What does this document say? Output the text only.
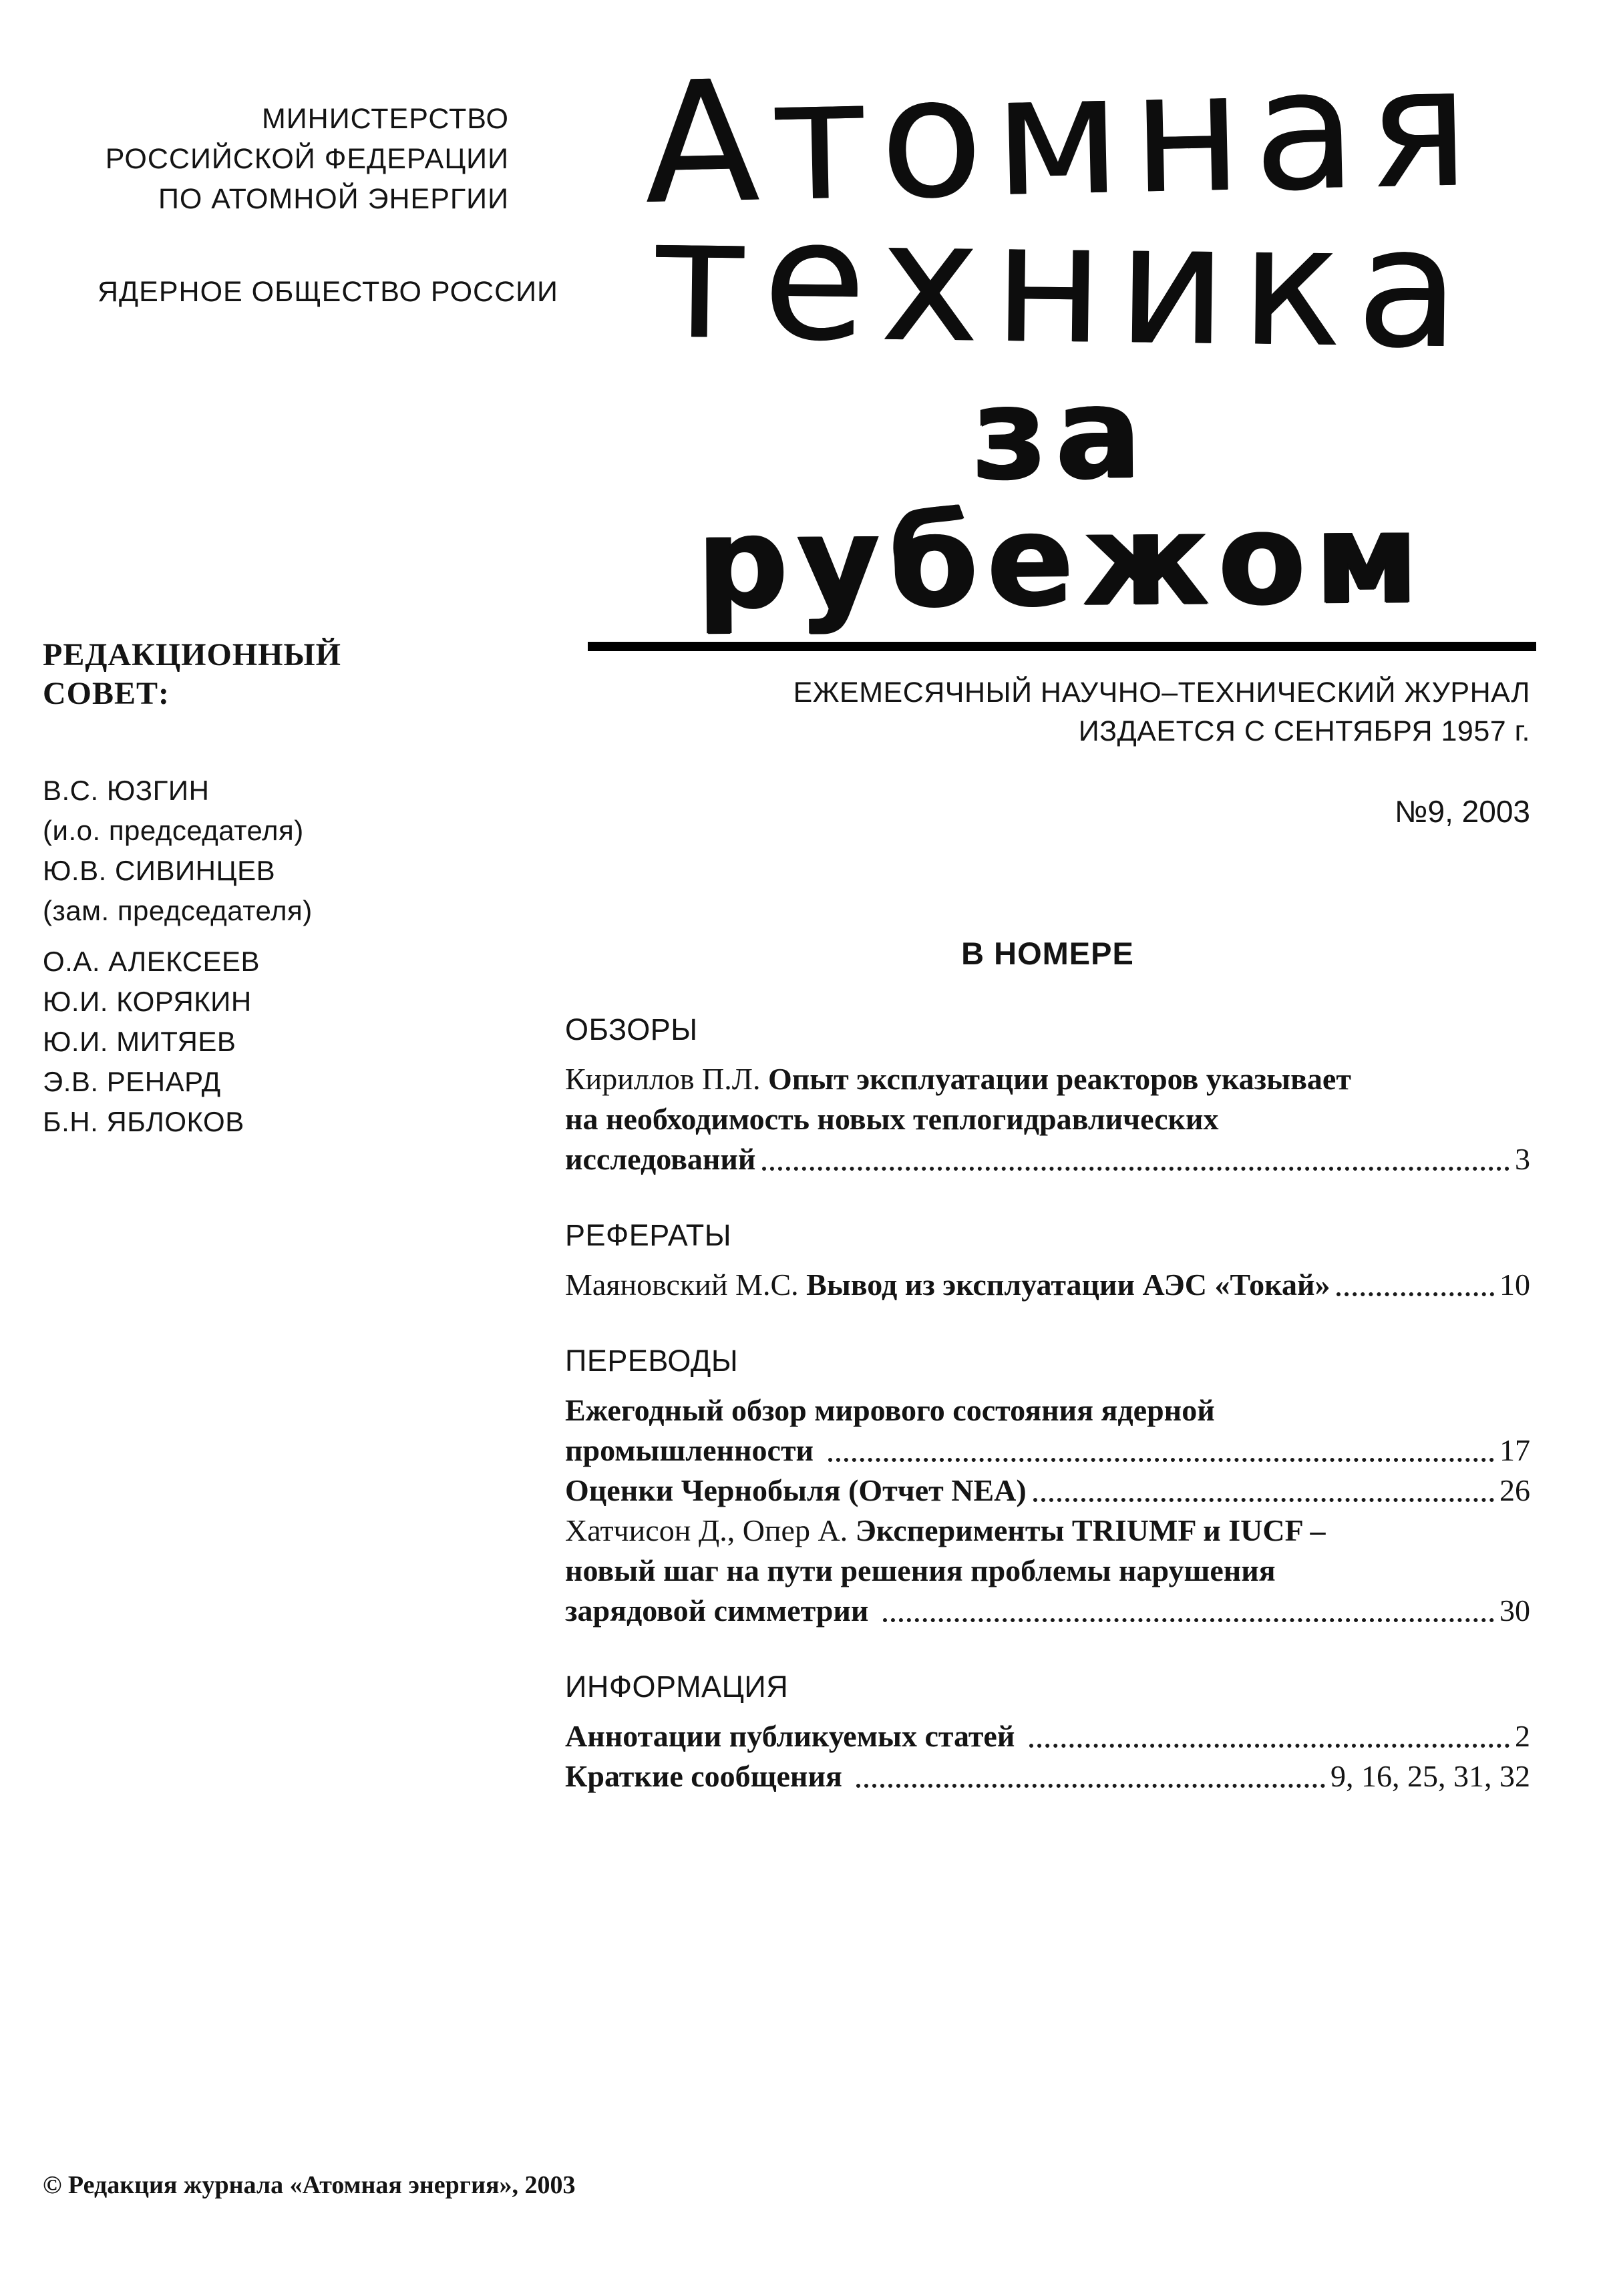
МИНИСТЕРСТВО
РОССИЙСКОЙ ФЕДЕРАЦИИ
ПО АТОМНОЙ ЭНЕРГИИ
ЯДЕРНОЕ ОБЩЕСТВО РОССИИ
Атомная
техника
за рубежом
РЕДАКЦИОННЫЙ
СОВЕТ:
В.С. ЮЗГИН
(и.о. председателя)
Ю.В. СИВИНЦЕВ
(зам. председателя)
О.А. АЛЕКСЕЕВ
Ю.И. КОРЯКИН
Ю.И. МИТЯЕВ
Э.В. РЕНАРД
Б.Н. ЯБЛОКОВ
ЕЖЕМЕСЯЧНЫЙ НАУЧНО–ТЕХНИЧЕСКИЙ ЖУРНАЛ
ИЗДАЕТСЯ С СЕНТЯБРЯ 1957 г.
№9, 2003
В НОМЕРЕ
ОБЗОРЫ
Кириллов П.Л. Опыт эксплуатации реакторов указывает
на необходимость новых теплогидравлических
исследований	3
РЕФЕРАТЫ
Маяновский М.С. Вывод из эксплуатации АЭС «Токай»	10
ПЕРЕВОДЫ
Ежегодный обзор мирового состояния ядерной
промышленности	17
Оценки Чернобыля (Отчет NEA)	26
Хатчисон Д., Опер А. Эксперименты TRIUMF и IUCF –
новый шаг на пути решения проблемы нарушения
зарядовой симметрии	30
ИНФОРМАЦИЯ
Аннотации публикуемых статей	2
Краткие сообщения	9, 16, 25, 31, 32
© Редакция журнала «Атомная энергия», 2003
